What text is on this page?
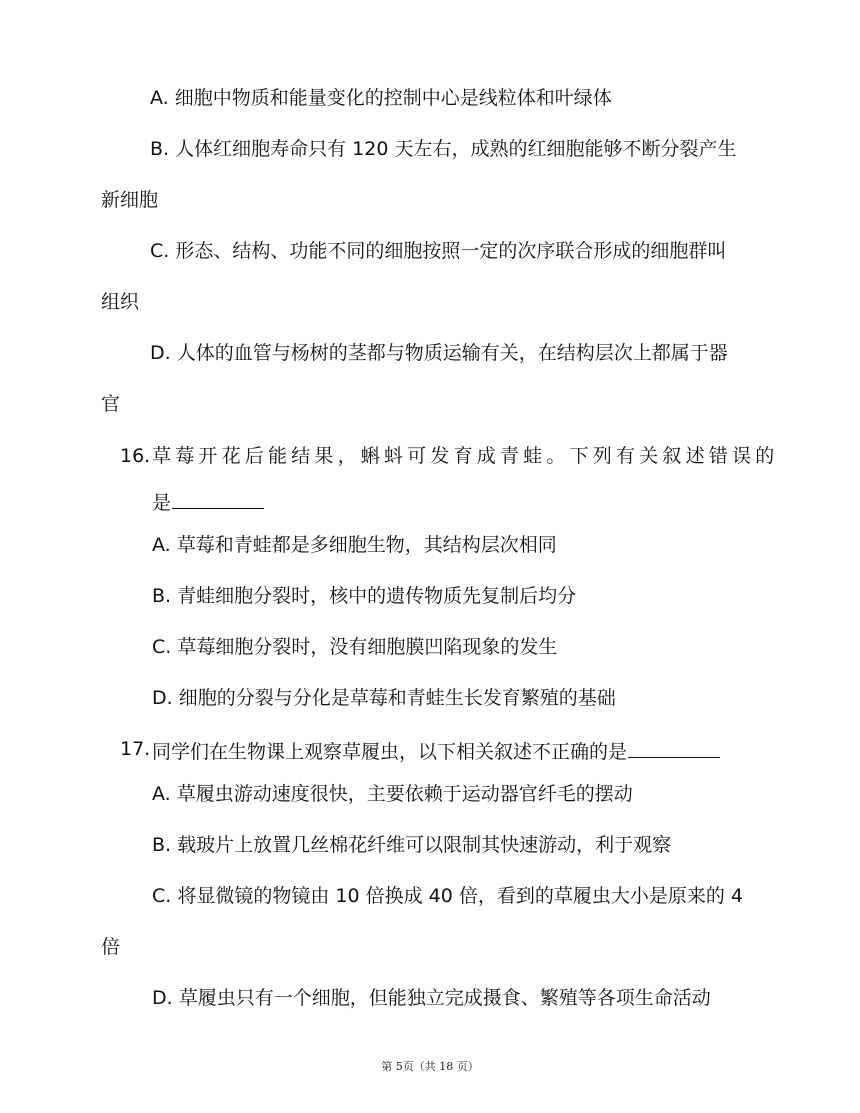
A. 细胞中物质和能量变化的控制中心是线粒体和叶绿体
B. 人体红细胞寿命只有 120 天左右，成熟的红细胞能够不断分裂产生
新细胞
C. 形态、结构、功能不同的细胞按照一定的次序联合形成的细胞群叫
组织
D. 人体的血管与杨树的茎都与物质运输有关，在结构层次上都属于器
官
16. 草莓开花后能结果，蝌蚪可发育成青蛙。下列有关叙述错误的
是
A. 草莓和青蛙都是多细胞生物，其结构层次相同
B. 青蛙细胞分裂时，核中的遗传物质先复制后均分
C. 草莓细胞分裂时，没有细胞膜凹陷现象的发生
D. 细胞的分裂与分化是草莓和青蛙生长发育繁殖的基础
17. 同学们在生物课上观察草履虫，以下相关叙述不正确的是
A. 草履虫游动速度很快，主要依赖于运动器官纤毛的摆动
B. 载玻片上放置几丝棉花纤维可以限制其快速游动，利于观察
C. 将显微镜的物镜由 10 倍换成 40 倍，看到的草履虫大小是原来的 4
倍
D. 草履虫只有一个细胞，但能独立完成摄食、繁殖等各项生命活动
第 5页（共 18 页）
